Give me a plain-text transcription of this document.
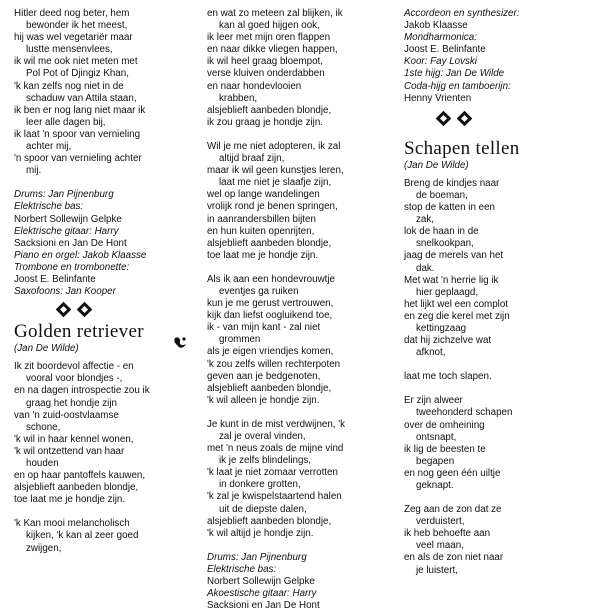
Hitler deed nog beter, hem
bewonder ik het meest,
hij was wel vegetariër maar
lustte mensenvlees,
ik wil me ook niet meten met
Pol Pot of Djingiz Khan,
'k kan zelfs nog niet in de
schaduw van Attila staan,
ik ben er nog lang niet maar ik
leer alle dagen bij,
ik laat 'n spoor van vernieling
achter mij,
'n spoor van vernieling achter
mij.
Drums: Jan Pijnenburg
Elektrische bas:
Norbert Sollewijn Gelpke
Elektrische gitaar: Harry
Sacksioni en Jan De Hont
Piano en orgel: Jakob Klaasse
Trombone en trombonette:
Joost E. Belinfante
Saxofoons: Jan Kooper
Golden retriever
(Jan De Wilde)
Ik zit boordevol affectie - en
vooral voor blondjes -,
en na dagen introspectie zou ik
graag het hondje zijn
van 'n zuid-oostvlaamse
schone,
'k wil in haar kennel wonen,
'k wil ontzettend van haar
houden
en op haar pantoffels kauwen,
alsjeblieft aanbeden blondje,
toe laat me je hondje zijn.
'k Kan mooi melancholisch
kijken, 'k kan al zeer goed
zwijgen,
en wat zo meteen zal blijken, ik
kan al goed hijgen ook,
ik leer met mijn oren flappen
en naar dikke vliegen happen,
ik wil heel graag bloempot,
verse kluiven onderdabben
en naar hondevlooien
krabben,
alsjeblieft aanbeden blondje,
ik zou graag je hondje zijn.
Wil je me niet adopteren, ik zal
altijd braaf zijn,
maar ik wil geen kunstjes leren,
laat me niet je slaafje zijn,
wel op lange wandelingen
vrolijk rond je benen springen,
in aanrandersbillen bijten
en hun kuiten openrijten,
alsjeblieft aanbeden blondje,
toe laat me je hondje zijn.
Als ik aan een hondevrouwtje
eventjes ga ruiken
kun je me gerust vertrouwen,
kijk dan liefst oogluikend toe,
ik - van mijn kant - zal niet
grommen
als je eigen vriendjes komen,
'k zou zelfs willen rechterpoten
geven aan je bedgenoten,
alsjeblieft aanbeden blondje,
'k wil alleen je hondje zijn.
Je kunt in de mist verdwijnen, 'k
zal je overal vinden,
met 'n neus zoals de mijne vind
ik je zelfs blindelings,
'k laat je niet zomaar verrotten
in donkere grotten,
'k zal je kwispelstaartend halen
uit de diepste dalen,
alsjeblieft aanbeden blondje,
'k wil altijd je hondje zijn.
Drums: Jan Pijnenburg
Elektrische bas:
Norbert Sollewijn Gelpke
Akoestische gitaar: Harry
Sacksioni en Jan De Hont
Accordeon en synthesizer:
Jakob Klaasse
Mondharmonica:
Joost E. Belinfante
Koor: Fay Lovski
1ste hijg: Jan De Wilde
Coda-hijg en tamboerijn:
Henny Vrienten
Schapen tellen
(Jan De Wilde)
Breng de kindjes naar
de boeman,
stop de katten in een
zak,
lok de haan in de
snelkookpan,
jaag de merels van het
dak.
Met wat 'n herrie lig ik
hier geplaagd,
het lijkt wel een complot
en zeg die kerel met zijn
kettingzaag
dat hij zichzelve wat
afknot,
laat me toch slapen.
Er zijn alweer
tweehonderd schapen
over de omheining
ontsnapt,
ik lig de beesten te
begapen
en nog geen één uiltje
geknapt.
Zeg aan de zon dat ze
verduistert,
ik heb behoefte aan
veel maan,
en als de zon niet naar
je luistert,
